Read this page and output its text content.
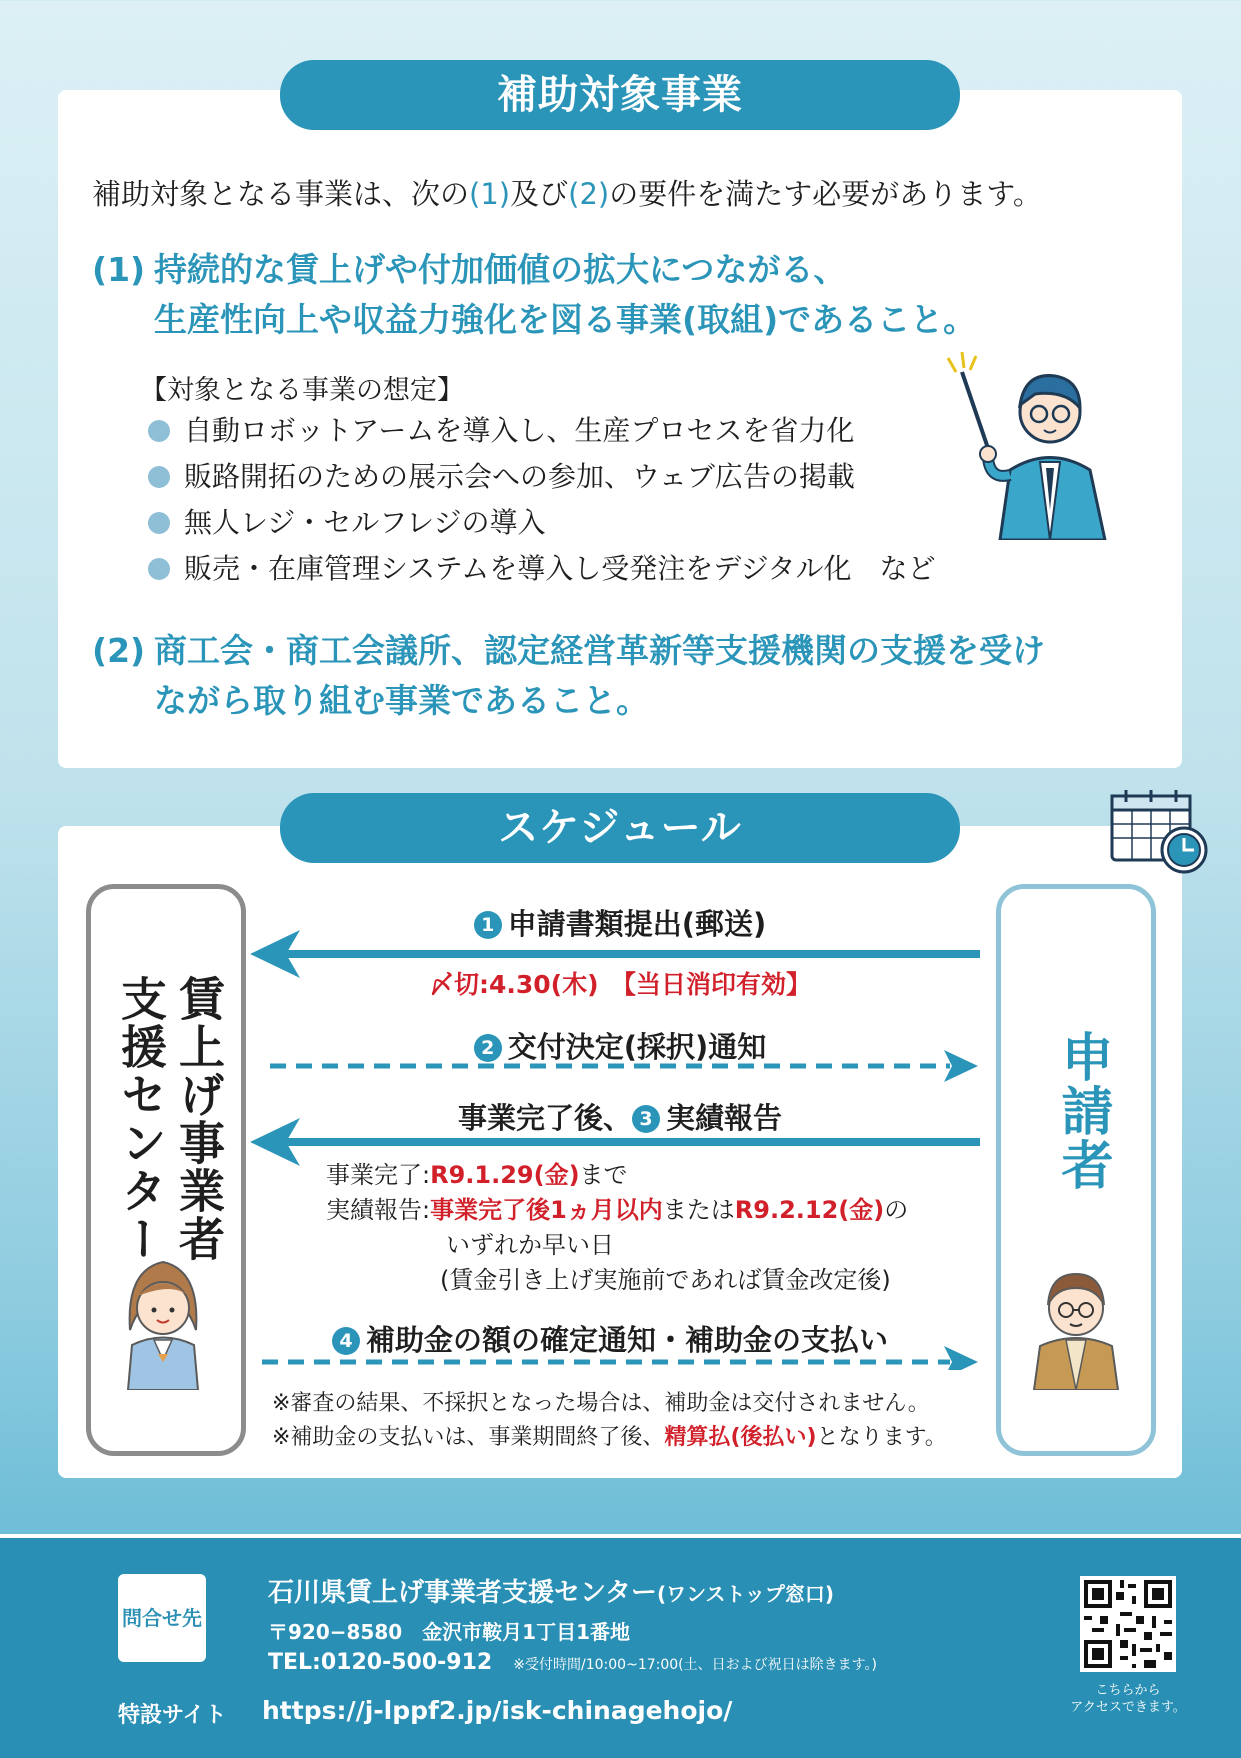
補助対象事業
補助対象となる事業は、次の(1)及び(2)の要件を満たす必要があります。
(1) 持続的な賃上げや付加価値の拡大につながる、
生産性向上や収益力強化を図る事業(取組)であること。
【対象となる事業の想定】
自動ロボットアームを導入し、生産プロセスを省力化
販路開拓のための展示会への参加、ウェブ広告の掲載
無人レジ・セルフレジの導入
販売・在庫管理システムを導入し受発注をデジタル化　など
(2) 商工会・商工会議所、認定経営革新等支援機関の支援を受け
ながら取り組む事業であること。
スケジュール
賃上げ事業者
支援センター	申請者
1 申請書類提出(郵送)
〆切:4.30(木)　【当日消印有効】
2 交付決定(採択)通知
事業完了後、 3 実績報告
事業完了:R9.1.29(金)まで
実績報告:事業完了後1ヵ月以内またはR9.2.12(金)の
いずれか早い日
(賃金引き上げ実施前であれば賃金改定後)
4 補助金の額の確定通知・補助金の支払い
※審査の結果、不採択となった場合は、補助金は交付されません。
※補助金の支払いは、事業期間終了後、精算払(後払い)となります。
問合せ先
石川県賃上げ事業者支援センター(ワンストップ窓口)
〒920−8580　金沢市鞍月1丁目1番地
TEL:0120-500-912 ※受付時間/10:00~17:00(土、日および祝日は除きます。)
特設サイト https://j-lppf2.jp/isk-chinagehojo/
こちらから
アクセスできます。
